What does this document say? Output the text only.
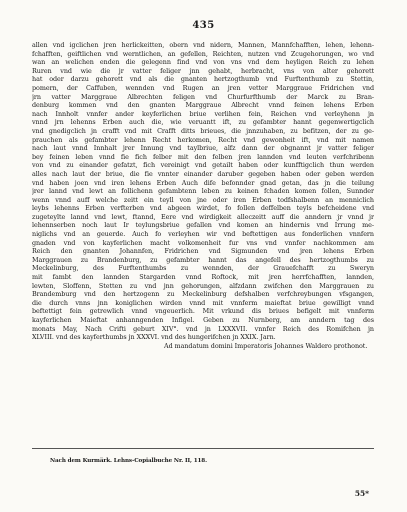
435
allen vnd igclichen jren herlickeitten, obern vnd nidern, Mannen, Mannfchafften, lehen, lehenn-
fchafften, geiftlichen vnd werntlichen, an gefellen, Reichten, nutzen vnd Zcugehorungen, wo vnd
wan an welichen enden die gelegenn find vnd von vns vnd dem heyligen Reich zu lehen
Ruren vnd wie die jr vatter feliger jnn gehabt, herbracht, vns von alter gehorett
hat oder darzu gehorett vnd als die gnanten hertzogthumb vnd Furftenthumb zu Stettin,
pomern, der Caffuben, wennden vnd Rugen an jren vetter Marggraue Fridrichen vnd
jrn vatter Marggraue Albrechten feligen vnd Churfurfthumb der Marck zu Bran-
denburg kommen vnd den gnanten Marggraue Albrecht vnnd feinen lehens Erben
nach Innholt vnnfer ander keyferlichen briue verlihen fein, Reichen vnd verleyhenn jn
vnnd jrn lehenns Erben auch die, wie veruantt ift, zu gefambter hannt gegenwertigclich
vnd gnedigclich jn crafft vnd mit Crafft ditts brieues, die jnnzuhaben, zu befitzen, der zu ge-
prauchen als gefambter lehenn Recht herkomen, Recht vnd gewonheit ift, vnd mit namen
nach laut vnnd Innhalt jrer Innung vnd taylbriue, alfz dann der obgnannt jr vatter feliger
bey feinen leben vnnd fie fich felber mit den felben jren lannden vnd leuten verfchribenn
von vnd zu einander gefatzt, fich vereinigt vnd getailt haben oder kunfftigclich thun werden
alles nach laut der briue, die fie vnnter einander daruber gegeben haben oder geben werden
vnd haben joen vnd iren lehens Erben Auch dife befonnder gnad getan, das jn die teilung
jrer lannd vnd lewt an follichenn gefambtenn leben zu keinen fchaden komen follen, Sunnder
wenn vnnd auff welche zeitt ein teyll von jne oder iren Erben todfshalbenn an menniclich
leybs lehenns Erben verfterben vnd abgeen wirdet, fo follen deffelben teyls befcheidene vnd
zugeteylte lannd vnd lewt, ftannd, Eere vnd wirdigkeit alleczeitt auff die anndern jr vnnd jr
lehennserben noch laut Ir teylungsbriue gefallen vnd komen an hindernis vnd Irrung me-
niglichs vnd an geuerde. Auch fo verleyhen wir vnd beftettigen aus fonderlichen vnnfern
gnaden vnd von kayferlichen macht volkomenheit fur vns vnd vnnfer nachkommen am
Reich den gnanten Johannfen, Fridrichen vnd Sigmunden vnd jren lehens Erben
Marggrauen zu Brandenburg, zu gefambter hannt das angefell des hertzogthumbs zu
Meckelinburg, des Furftenthumbs zu wennden, der Grauefchafft zu Sweryn
mit fambt den lannden Stargarden vnnd Roftock, mit jren herrfchafften, lannden,
lewten, Sloffenn, Stetten zu vnd jnn gehorungen, alfzdann zwifchen den Marggrauen zu
Brandemburg vnd den hertzogenn zu Meckelinburg defshalben verfchreybungen vfsgangen,
die durch vnns jnn koniglichen wirden vnnd mit vnnferm maieftat briue gewilligt vnnd
beftettigt fein getrewlich vnnd vngeuerlich. Mit vrkund dis briues befigelt mit vnnferm
kayferlichen Maieftat anhanngenden Infigel. Geben zu Nurnberg, am anndern tag des
monats May, Nach Crifti geburt XIV°. vnd jn LXXXVII. vnnfer Reich des Romifchen jn
XLVIII. vnd des kayferthumbs jn XXXVI. vnd des hungerifchen jn XXIX. Jarn.
Ad mandatum domini Imperatoris Johannes Waldero prothonot.
Nach dem Kurmärk. Lehns-Copialbuche Nr. II, 118.
55*
